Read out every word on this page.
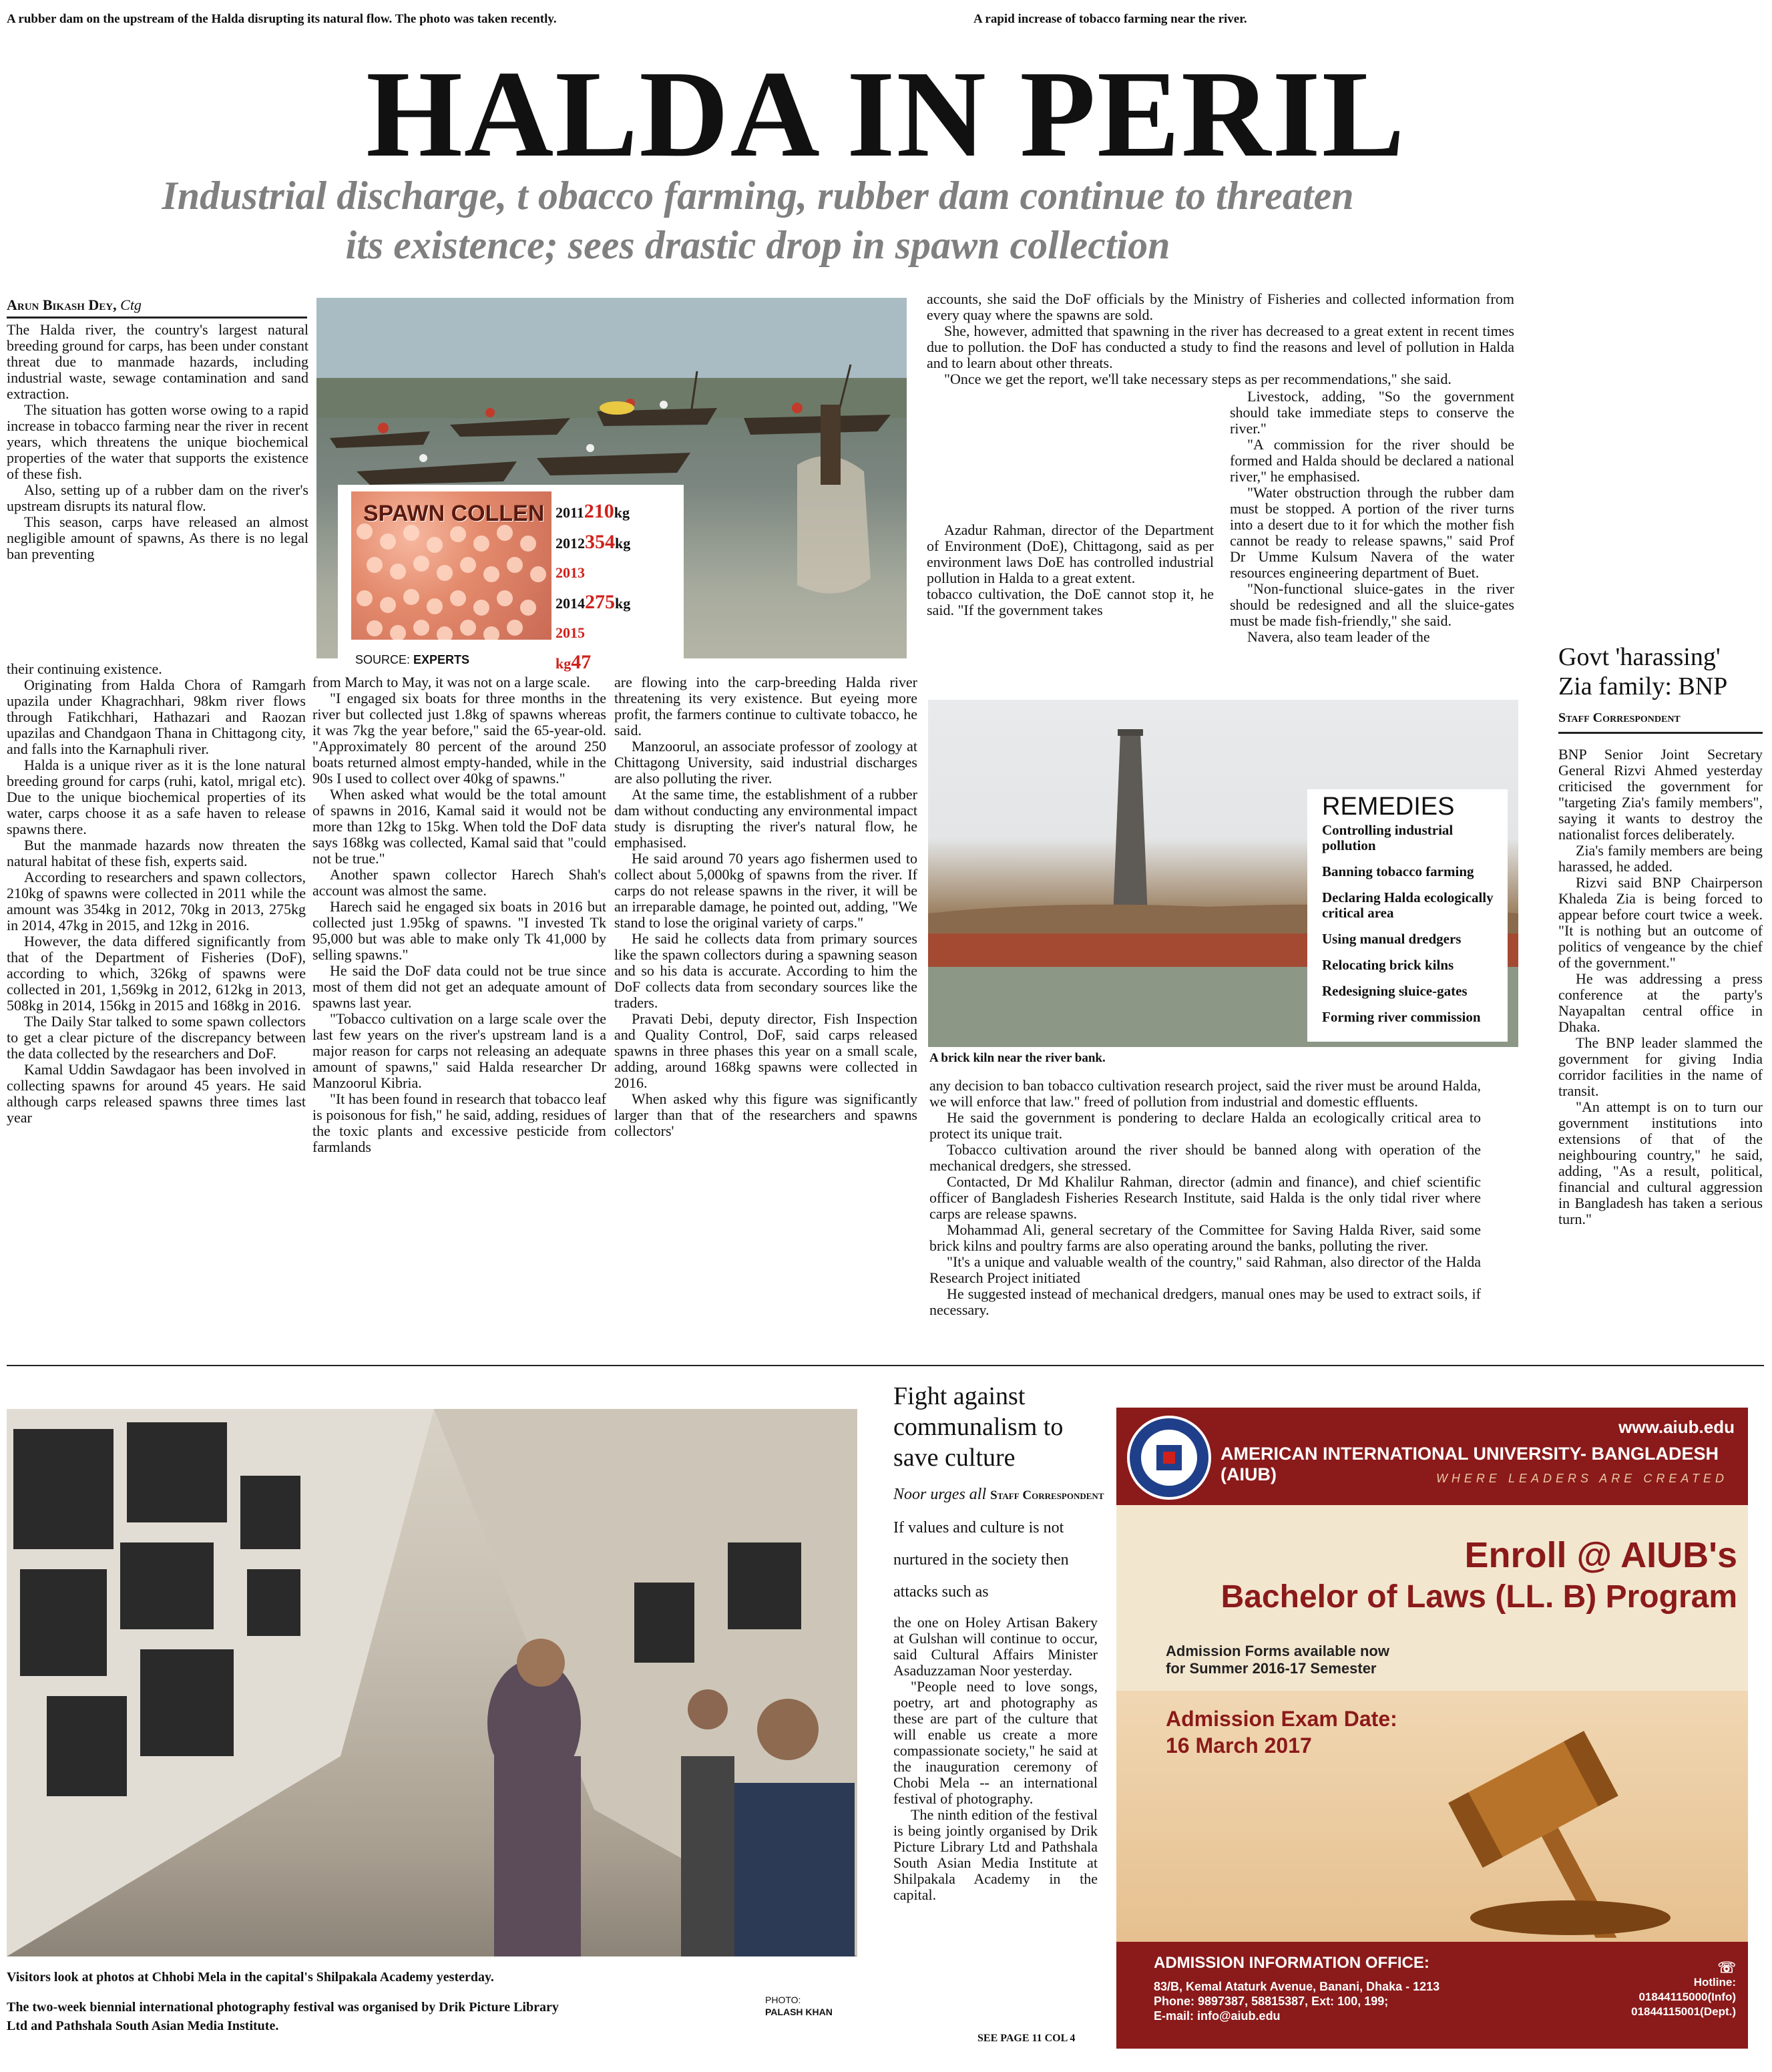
A rubber dam on the upstream of the Halda disrupting its natural flow. The photo was taken recently.	A rapid increase of tobacco farming near the river.
HALDA IN PERIL
Industrial discharge, t obacco farming, rubber dam continue to threaten
its existence; sees drastic drop in spawn collection
Arun Bikash Dey, Ctg

The Halda river, the country's largest natural breeding ground for carps, has been under constant threat due to manmade hazards, including industrial waste, sewage contamination and sand extraction.

The situation has gotten worse owing to a rapid increase in tobacco farming near the river in recent years, which threatens the unique biochemical properties of the water that supports the existence of these fish.

Also, setting up of a rubber dam on the river's upstream disrupts its natural flow.

This season, carps have released an almost negligible amount of spawns, As there is no legal ban preventing

SPAWN COLLEN 2011210kg
2012354kg
2013
2014275kg
2015
kg47
SOURCE: EXPERTS

their continuing existence.

Originating from Halda Chora of Ramgarh upazila under Khagrachhari, 98km river flows through Fatikchhari, Hathazari and Raozan upazilas and Chandgaon Thana in Chittagong city, and falls into the Karnaphuli river.

Halda is a unique river as it is the lone natural breeding ground for carps (ruhi, katol, mrigal etc). Due to the unique biochemical properties of its water, carps choose it as a safe haven to release spawns there.

But the manmade hazards now threaten the natural habitat of these fish, experts said.

According to researchers and spawn collectors, 210kg of spawns were collected in 2011 while the amount was 354kg in 2012, 70kg in 2013, 275kg in 2014, 47kg in 2015, and 12kg in 2016.

However, the data differed significantly from that of the Department of Fisheries (DoF), according to which, 326kg of spawns were collected in 201, 1,569kg in 2012, 612kg in 2013, 508kg in 2014, 156kg in 2015 and 168kg in 2016.

The Daily Star talked to some spawn collectors to get a clear picture of the discrepancy between the data collected by the researchers and DoF.

Kamal Uddin Sawdagaor has been involved in collecting spawns for around 45 years. He said although carps released spawns three times last year

from March to May, it was not on a large scale.

"I engaged six boats for three months in the river but collected just 1.8kg of spawns whereas it was 7kg the year before," said the 65-year-old. "Approximately 80 percent of the around 250 boats returned almost empty-handed, while in the 90s I used to collect over 40kg of spawns."

When asked what would be the total amount of spawns in 2016, Kamal said it would not be more than 12kg to 15kg. When told the DoF data says 168kg was collected, Kamal said that "could not be true."

Another spawn collector Harech Shah's account was almost the same.

Harech said he engaged six boats in 2016 but collected just 1.95kg of spawns. "I invested Tk 95,000 but was able to make only Tk 41,000 by selling spawns."

He said the DoF data could not be true since most of them did not get an adequate amount of spawns last year.

"Tobacco cultivation on a large scale over the last few years on the river's upstream land is a major reason for carps not releasing an adequate amount of spawns," said Halda researcher Dr Manzoorul Kibria.

"It has been found in research that tobacco leaf is poisonous for fish," he said, adding, residues of the toxic plants and excessive pesticide from farmlands

are flowing into the carp-breeding Halda river threatening its very existence. But eyeing more profit, the farmers continue to cultivate tobacco, he said.

Manzoorul, an associate professor of zoology at Chittagong University, said industrial discharges are also polluting the river.

At the same time, the establishment of a rubber dam without conducting any environmental impact study is disrupting the river's natural flow, he emphasised.

He said around 70 years ago fishermen used to collect about 5,000kg of spawns from the river. If carps do not release spawns in the river, it will be an irreparable damage, he pointed out, adding, "We stand to lose the original variety of carps."

He said he collects data from primary sources like the spawn collectors during a spawning season and so his data is accurate. According to him the DoF collects data from secondary sources like the traders.

Pravati Debi, deputy director, Fish Inspection and Quality Control, DoF, said carps released spawns in three phases this year on a small scale, adding, around 168kg spawns were collected in 2016.

When asked why this figure was significantly larger than that of the researchers and spawns collectors'

accounts, she said the DoF officials by the Ministry of Fisheries and collected information from every quay where the spawns are sold.

She, however, admitted that spawning in the river has decreased to a great extent in recent times due to pollution. the DoF has conducted a study to find the reasons and level of pollution in Halda and to learn about other threats.

"Once we get the report, we'll take necessary steps as per recommendations," she said.

Azadur Rahman, director of the Department of Environment (DoE), Chittagong, said as per environment laws DoE has controlled industrial pollution in Halda to a great extent.

tobacco cultivation, the DoE cannot stop it, he said. "If the government takes

Livestock, adding, "So the government should take immediate steps to conserve the river."

"A commission for the river should be formed and Halda should be declared a national river," he emphasised.

"Water obstruction through the rubber dam must be stopped. A portion of the river turns into a desert due to it for which the mother fish cannot be ready to release spawns," said Prof Dr Umme Kulsum Navera of the water resources engineering department of Buet.

"Non-functional sluice-gates in the river should be redesigned and all the sluice-gates must be made fish-friendly," she said.

Navera, also team leader of the

REMEDIES
Controlling industrial pollution
Banning tobacco farming
Declaring Halda ecologically critical area
Using manual dredgers
Relocating brick kilns
Redesigning sluice-gates
Forming river commission
A brick kiln near the river bank.

any decision to ban tobacco cultivation research project, said the river must be around Halda, we will enforce that law." freed of pollution from industrial and domestic effluents.

He said the government is pondering to declare Halda an ecologically critical area to protect its unique trait.

Tobacco cultivation around the river should be banned along with operation of the mechanical dredgers, she stressed.

Contacted, Dr Md Khalilur Rahman, director (admin and finance), and chief scientific officer of Bangladesh Fisheries Research Institute, said Halda is the only tidal river where carps are release spawns.

Mohammad Ali, general secretary of the Committee for Saving Halda River, said some brick kilns and poultry farms are also operating around the banks, polluting the river.

"It's a unique and valuable wealth of the country," said Rahman, also director of the Halda Research Project initiated

He suggested instead of mechanical dredgers, manual ones may be used to extract soils, if necessary.

Govt 'harassing'
Zia family: BNP
Staff Correspondent

BNP Senior Joint Secretary General Rizvi Ahmed yesterday criticised the government for "targeting Zia's family members", saying it wants to destroy the nationalist forces deliberately.

Zia's family members are being harassed, he added.

Rizvi said BNP Chairperson Khaleda Zia is being forced to appear before court twice a week. "It is nothing but an outcome of politics of vengeance by the chief of the government."

He was addressing a press conference at the party's Nayapaltan central office in Dhaka.

The BNP leader slammed the government for giving India corridor facilities in the name of transit.

"An attempt is on to turn our government institutions into extensions of that of the neighbouring country," he said, adding, "As a result, political, financial and cultural aggression in Bangladesh has taken a serious turn."

Visitors look at photos at Chhobi Mela in the capital's Shilpakala Academy yesterday.
The two-week biennial international photography festival was organised by Drik Picture Library Ltd and Pathshala South Asian Media Institute.
PHOTO:
PALASH KHAN
Fight against communalism to save culture
Noor urges all Staff Correspondent If values and culture is not nurtured in the society then attacks such as

the one on Holey Artisan Bakery at Gulshan will continue to occur, said Cultural Affairs Minister Asaduzzaman Noor yesterday.

"People need to love songs, poetry, art and photography as these are part of the culture that will enable us create a more compassionate society," he said at the inauguration ceremony of Chobi Mela -- an international festival of photography.

The ninth edition of the festival is being jointly organised by Drik Picture Library Ltd and Pathshala South Asian Media Institute at Shilpakala Academy in the capital.

SEE PAGE 11 COL 4
www.aiub.edu
AMERICAN INTERNATIONAL UNIVERSITY- BANGLADESH (AIUB)	WHERE LEADERS ARE CREATED
Enroll @ AIUB's
Bachelor of Laws (LL. B) Program
Admission Forms available now
for Summer 2016-17 Semester
Admission Exam Date:
16 March 2017
ADMISSION INFORMATION OFFICE:
83/B, Kemal Ataturk Avenue, Banani, Dhaka - 1213
Phone: 9897387, 58815387, Ext: 100, 199;
E-mail: info@aiub.edu
☏
Hotline:
01844115000(Info)
01844115001(Dept.)
